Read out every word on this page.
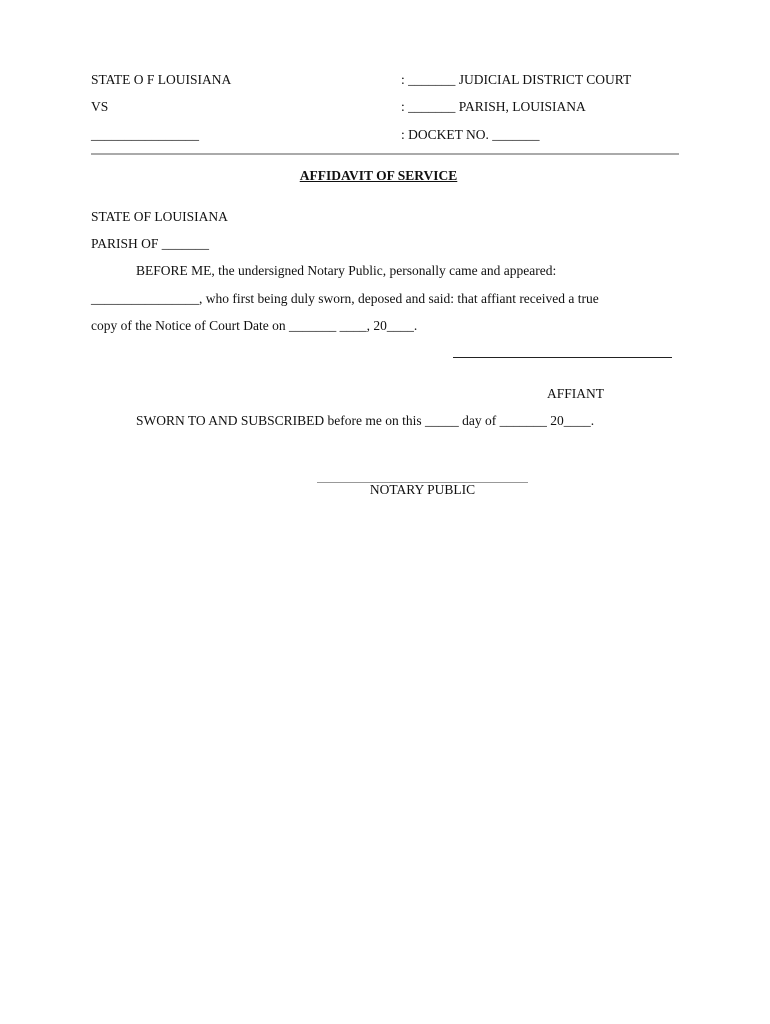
STATE O F LOUISIANA	: _______ JUDICIAL DISTRICT COURT
VS	: _______ PARISH, LOUISIANA
________________	: DOCKET NO. _______
AFFIDAVIT OF SERVICE
STATE OF LOUISIANA
PARISH OF _______
BEFORE ME, the undersigned Notary Public, personally came and appeared:
________________, who first being duly sworn, deposed and said: that affiant received a true
copy of the Notice of Court Date on _______ ____, 20____.
AFFIANT
SWORN TO AND SUBSCRIBED before me on this _____ day of _______ 20____.
NOTARY PUBLIC
